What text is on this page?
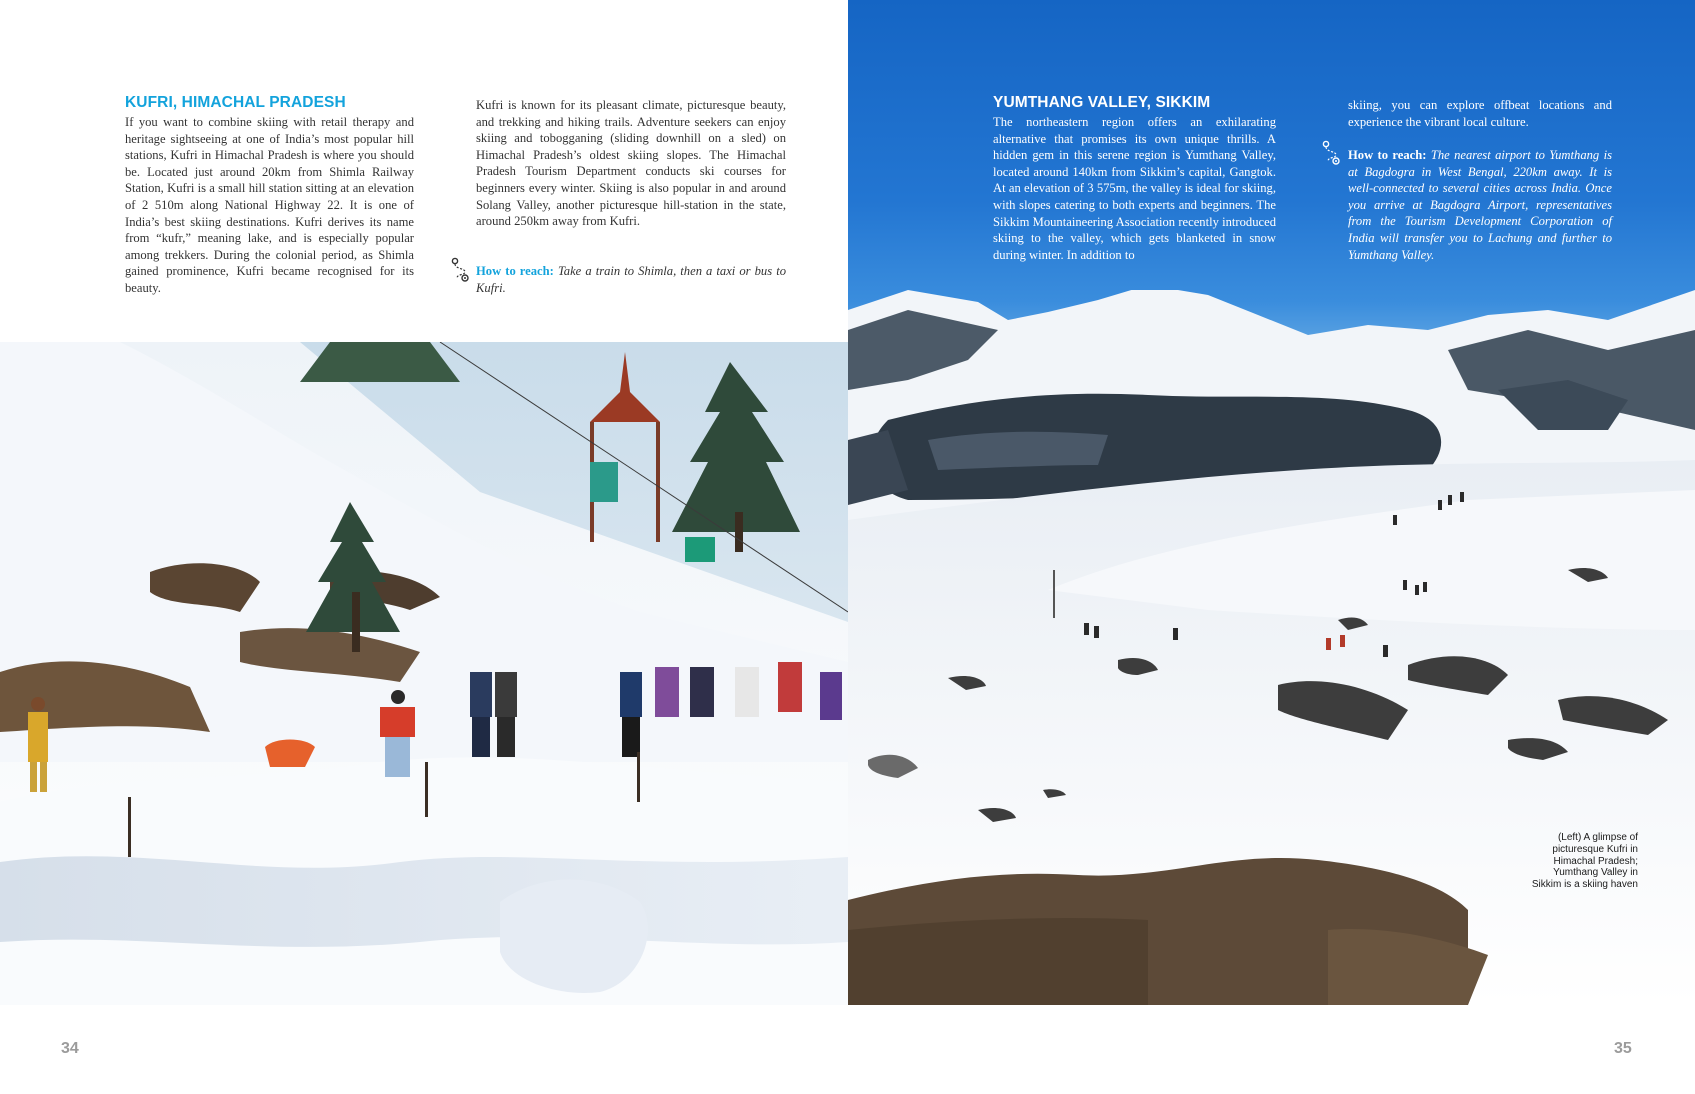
KUFRI, HIMACHAL PRADESH

If you want to combine skiing with retail therapy and heritage sightseeing at one of India’s most popular hill stations, Kufri in Himachal Pradesh is where you should be. Located just around 20km from Shimla Railway Station, Kufri is a small hill station sitting at an elevation of 2 510m along National Highway 22. It is one of India’s best skiing destinations. Kufri derives its name from “kufr,” meaning lake, and is especially popular among trekkers. During the colonial period, as Shimla gained prominence, Kufri became recognised for its beauty.

Kufri is known for its pleasant climate, picturesque beauty, and trekking and hiking trails. Adventure seekers can enjoy skiing and tobogganing (sliding downhill on a sled) on Himachal Pradesh’s oldest skiing slopes. The Himachal Pradesh Tourism Department conducts ski courses for beginners every winter. Skiing is also popular in and around Solang Valley, another picturesque hill-station in the state, around 250km away from Kufri.

How to reach: Take a train to Shimla, then a taxi or bus to Kufri.

34
YUMTHANG VALLEY, SIKKIM

The northeastern region offers an exhilarating alternative that promises its own unique thrills. A hidden gem in this serene region is Yumthang Valley, located around 140km from Sikkim’s capital, Gangtok. At an elevation of 3 575m, the valley is ideal for skiing, with slopes catering to both experts and beginners. The Sikkim Mountaineering Association recently introduced skiing to the valley, which gets blanketed in snow during winter. In addition to

skiing, you can explore offbeat locations and experience the vibrant local culture.

How to reach: The nearest airport to Yumthang is at Bagdogra in West Bengal, 220km away. It is well-connected to several cities across India. Once you arrive at Bagdogra Airport, representatives from the Tourism Development Corporation of India will transfer you to Lachung and further to Yumthang Valley.

(Left) A glimpse of picturesque Kufri in Himachal Pradesh; Yumthang Valley in Sikkim is a skiing haven
35
